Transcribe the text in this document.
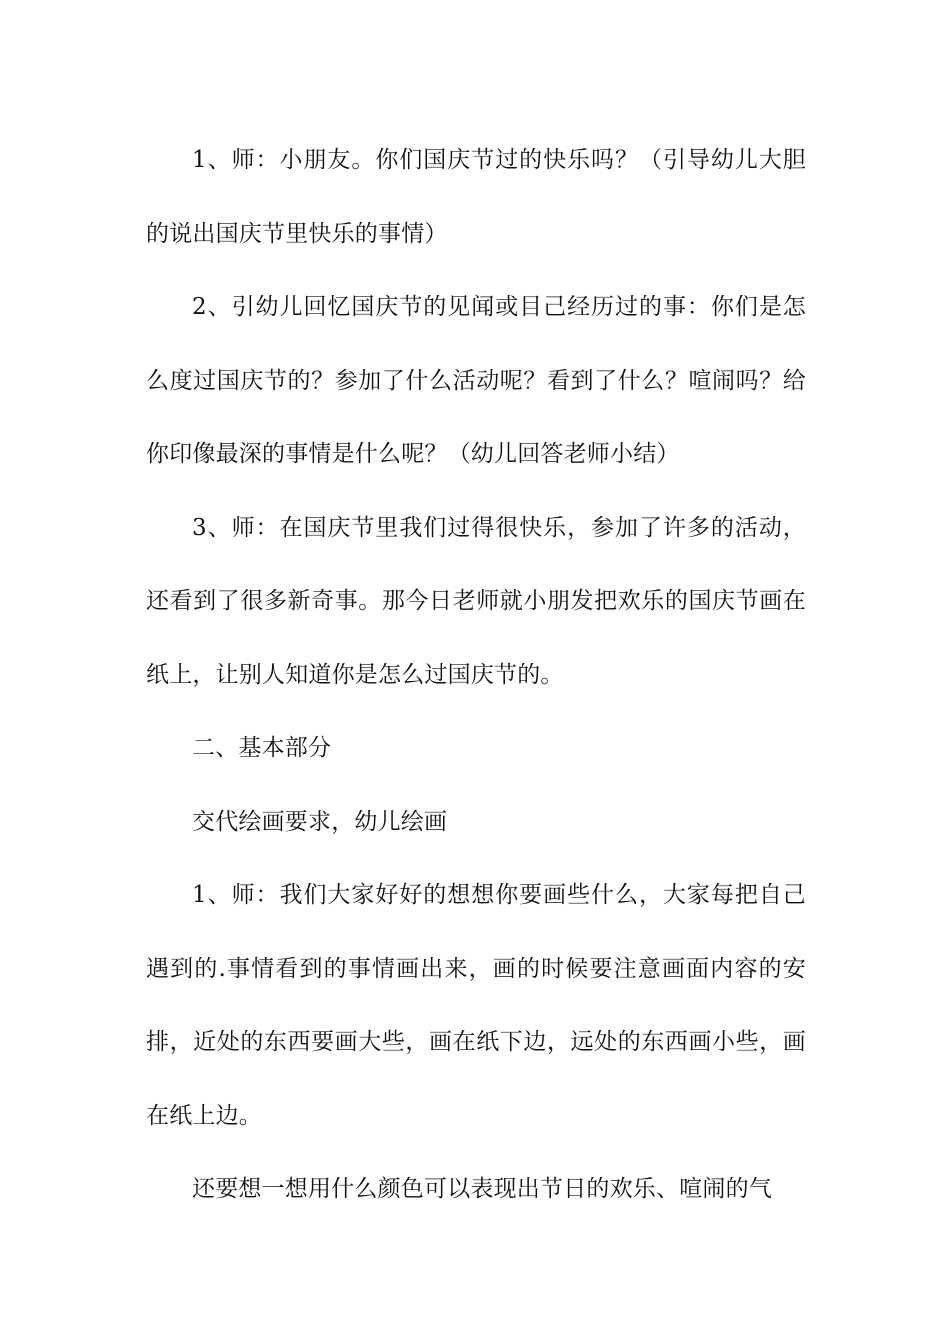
1、师：小朋友。你们国庆节过的快乐吗？（引导幼儿大胆的说出国庆节里快乐的事情）

2、引幼儿回忆国庆节的见闻或目己经历过的事：你们是怎么度过国庆节的？参加了什么活动呢？看到了什么？喧闹吗？给你印像最深的事情是什么呢？（幼儿回答老师小结）

3、师：在国庆节里我们过得很快乐，参加了许多的活动，还看到了很多新奇事。那今日老师就小朋发把欢乐的国庆节画在纸上，让别人知道你是怎么过国庆节的。

二、基本部分

交代绘画要求，幼儿绘画

1、师：我们大家好好的想想你要画些什么，大家每把自己遇到的.事情看到的事情画出来，画的时候要注意画面内容的安排，近处的东西要画大些，画在纸下边，远处的东西画小些，画在纸上边。

还要想一想用什么颜色可以表现出节日的欢乐、喧闹的气
